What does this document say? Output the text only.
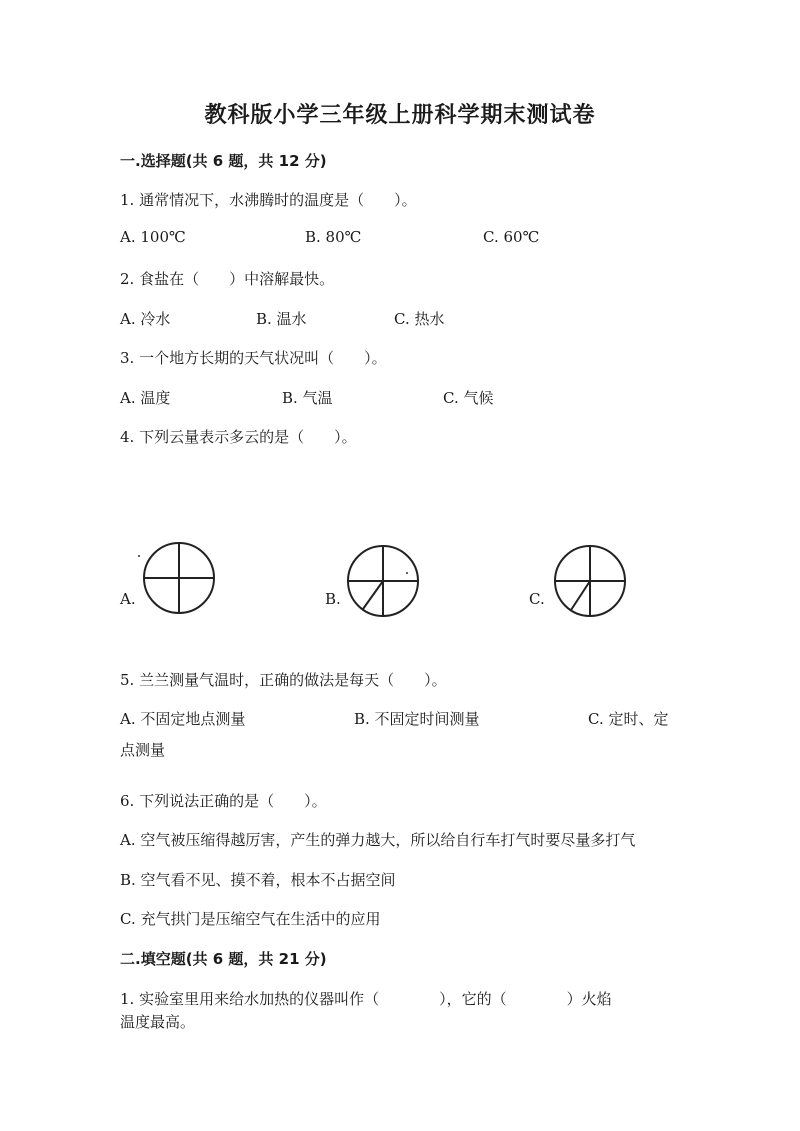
教科版小学三年级上册科学期末测试卷
一.选择题(共 6 题，共 12 分)
1. 通常情况下，水沸腾时的温度是（　　）。
A. 100℃	B. 80℃	C. 60℃
2. 食盐在（　　）中溶解最快。
A. 冷水	B. 温水	C. 热水
3. 一个地方长期的天气状况叫（　　）。
A. 温度	B. 气温	C. 气候
4. 下列云量表示多云的是（　　）。
A.	B.	C.
5. 兰兰测量气温时，正确的做法是每天（　　）。
A. 不固定地点测量	B. 不固定时间测量	C. 定时、定
点测量
6. 下列说法正确的是（　　）。
A. 空气被压缩得越厉害，产生的弹力越大，所以给自行车打气时要尽量多打气
B. 空气看不见、摸不着，根本不占据空间
C. 充气拱门是压缩空气在生活中的应用
二.填空题(共 6 题，共 21 分)
1. 实验室里用来给水加热的仪器叫作（　　　　），它的（　　　　）火焰
温度最高。
